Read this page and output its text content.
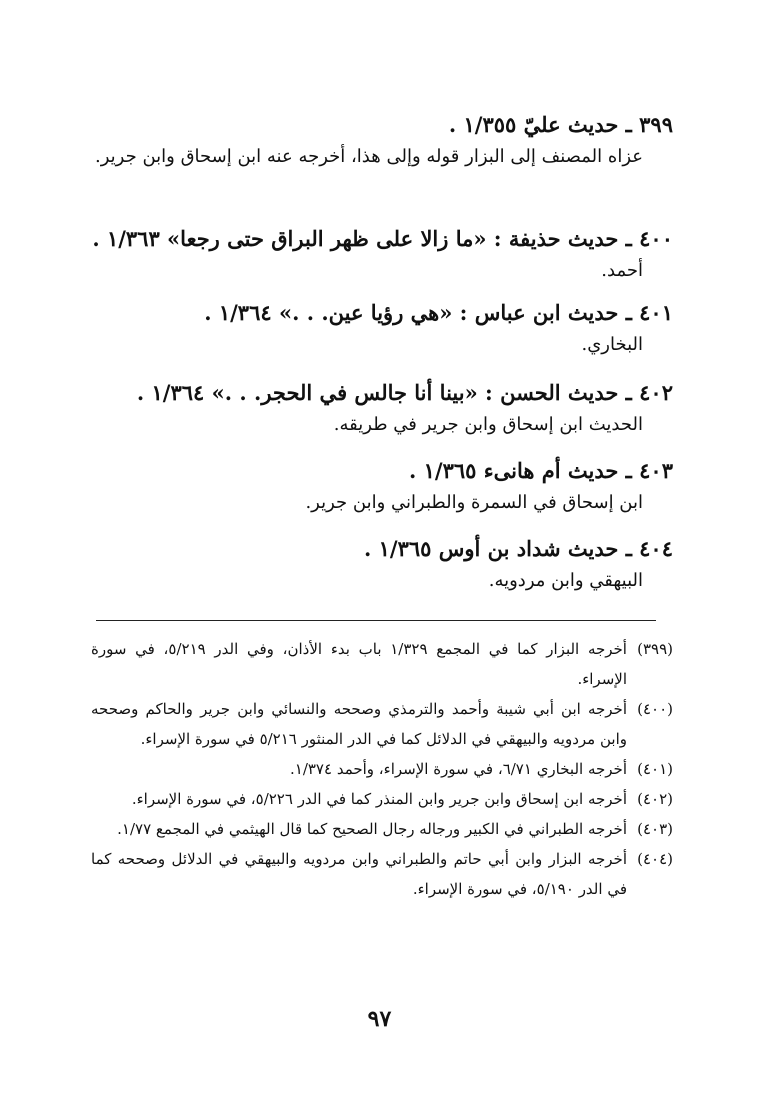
٣٩٩ ـ حديث عليّ ١/٣٥٥ .
عزاه المصنف إلى البزار قوله وإلى هذا، أخرجه عنه ابن إسحاق وابن جرير.
٤٠٠ ـ حديث حذيفة : «ما زالا على ظهر البراق حتى رجعا» ١/٣٦٣ .
أحمد.
٤٠١ ـ حديث ابن عباس : «هي رؤيا عين. . .» ١/٣٦٤ .
البخاري.
٤٠٢ ـ حديث الحسن : «بينا أنا جالس في الحجر. . .» ١/٣٦٤ .
الحديث ابن إسحاق وابن جرير في طريقه.
٤٠٣ ـ حديث أم هانىء ١/٣٦٥ .
ابن إسحاق في السمرة والطبراني وابن جرير.
٤٠٤ ـ حديث شداد بن أوس ١/٣٦٥ .
البيهقي وابن مردويه.

(٣٩٩)أخرجه البزار كما في المجمع ١/٣٢٩ باب بدء الأذان، وفي الدر ٥/٢١٩، في سورة الإسراء.

(٤٠٠)أخرجه ابن أبي شيبة وأحمد والترمذي وصححه والنسائي وابن جرير والحاكم وصححه وابن مردويه والبيهقي في الدلائل كما في الدر المنثور ٥/٢١٦ في سورة الإسراء.

(٤٠١)أخرجه البخاري ٦/٧١، في سورة الإسراء، وأحمد ١/٣٧٤.

(٤٠٢)أخرجه ابن إسحاق وابن جرير وابن المنذر كما في الدر ٥/٢٢٦، في سورة الإسراء.

(٤٠٣)أخرجه الطبراني في الكبير ورجاله رجال الصحيح كما قال الهيثمي في المجمع ١/٧٧.

(٤٠٤)أخرجه البزار وابن أبي حاتم والطبراني وابن مردويه والبيهقي في الدلائل وصححه كما في الدر ٥/١٩٠، في سورة الإسراء.

٩٧
